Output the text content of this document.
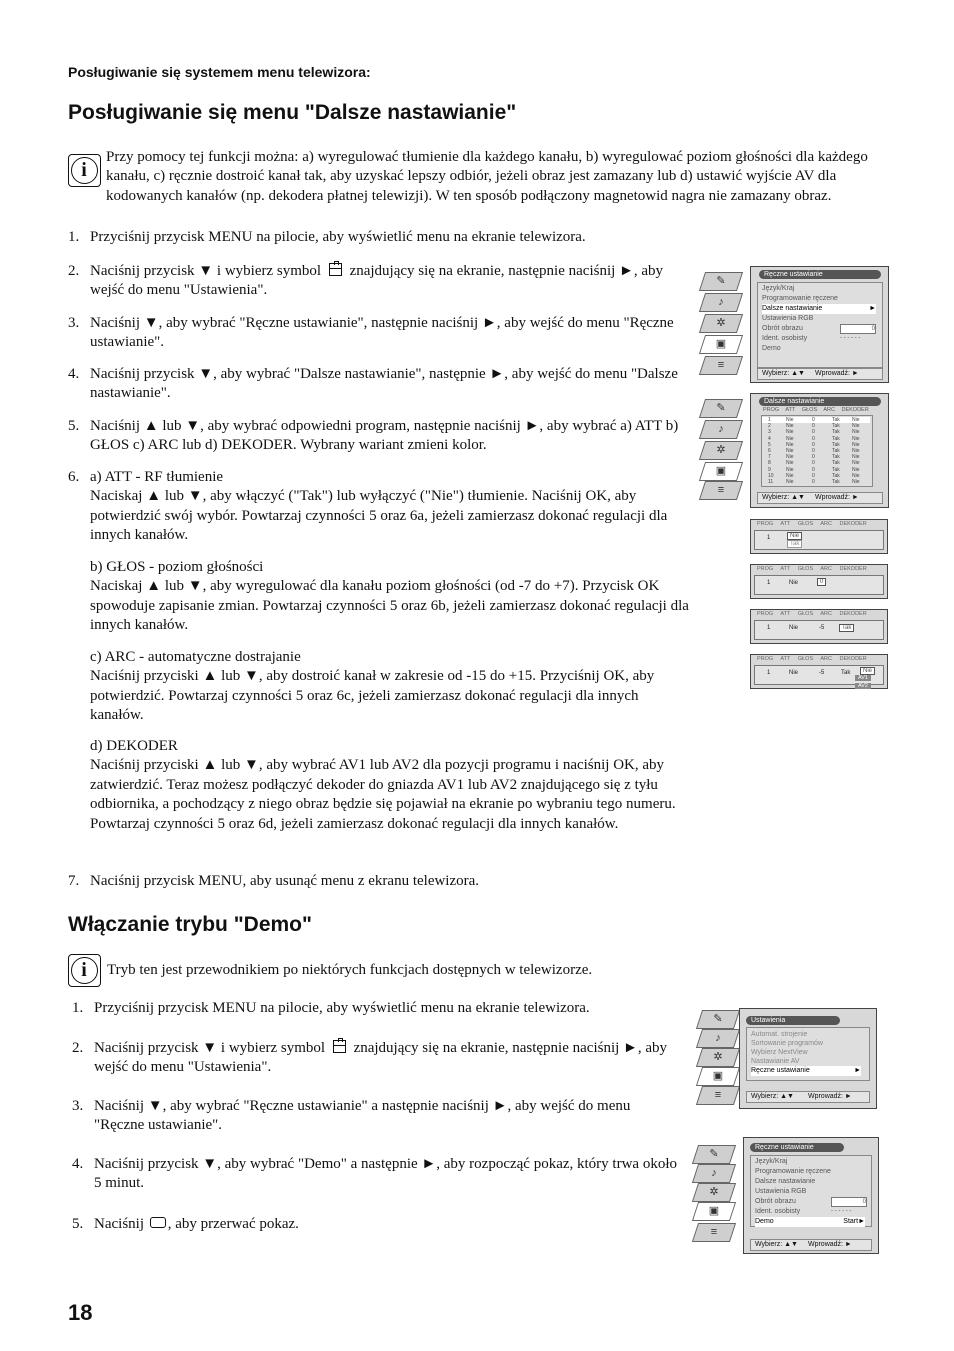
Posługiwanie się systemem menu telewizora:
Posługiwanie się menu "Dalsze nastawianie"
i
Przy pomocy tej funkcji można: a) wyregulować tłumienie dla każdego kanału, b) wyregulować poziom głośności dla każdego kanału, c) ręcznie dostroić kanał tak, aby uzyskać lepszy odbiór, jeżeli obraz jest zamazany lub d) ustawić wyjście AV dla kodowanych kanałów (np. dekodera płatnej telewizji). W ten sposób podłączony magnetowid nagra nie zamazany obraz.
1. Przyciśnij przycisk MENU na pilocie, aby wyświetlić menu na ekranie telewizora.
2. Naciśnij przycisk ▼ i wybierz symbol znajdujący się na ekranie, następnie naciśnij ►, aby wejść do menu "Ustawienia".
3. Naciśnij ▼, aby wybrać "Ręczne ustawianie", następnie naciśnij ►, aby wejść do menu "Ręczne ustawianie".
4. Naciśnij przycisk ▼, aby wybrać "Dalsze nastawianie", następnie ►, aby wejść do menu "Dalsze nastawianie".
5. Naciśnij ▲ lub ▼, aby wybrać odpowiedni program, następnie naciśnij ►, aby wybrać a) ATT b) GŁOS c) ARC lub d) DEKODER. Wybrany wariant zmieni kolor.
6. a) ATT - RF tłumienie
Naciskaj ▲ lub ▼, aby włączyć ("Tak") lub wyłączyć ("Nie") tłumienie. Naciśnij OK, aby potwierdzić swój wybór. Powtarzaj czynności 5 oraz 6a, jeżeli zamierzasz dokonać regulacji dla innych kanałów.
b) GŁOS - poziom głośności
Naciskaj ▲ lub ▼, aby wyregulować dla kanału poziom głośności (od -7 do +7). Przycisk OK spowoduje zapisanie zmian. Powtarzaj czynności 5 oraz 6b, jeżeli zamierzasz dokonać regulacji dla innych kanałów.
c) ARC - automatyczne dostrajanie
Naciśnij przyciski ▲ lub ▼, aby dostroić kanał w zakresie od -15 do +15. Przyciśnij OK, aby potwierdzić. Powtarzaj czynności 5 oraz 6c, jeżeli zamierzasz dokonać regulacji dla innych kanałów.
d) DEKODER
Naciśnij przyciski ▲ lub ▼, aby wybrać AV1 lub AV2 dla pozycji programu i naciśnij OK, aby zatwierdzić. Teraz możesz podłączyć dekoder do gniazda AV1 lub AV2 znajdującego się z tyłu odbiornika, a pochodzący z niego obraz będzie się pojawiał na ekranie po wybraniu tego numeru. Powtarzaj czynności 5 oraz 6d, jeżeli zamierzasz dokonać regulacji dla innych kanałów.
7. Naciśnij przycisk MENU, aby usunąć menu z ekranu telewizora.
Włączanie trybu "Demo"
i	Tryb ten jest przewodnikiem po niektórych funkcjach dostępnych w telewizorze.
1. Przyciśnij przycisk MENU na pilocie, aby wyświetlić menu na ekranie telewizora.
2. Naciśnij przycisk ▼ i wybierz symbol znajdujący się na ekranie, następnie naciśnij ►, aby wejść do menu "Ustawienia".
3. Naciśnij ▼, aby wybrać "Ręczne ustawianie" a następnie naciśnij ►, aby wejść do menu "Ręczne ustawianie".
4. Naciśnij przycisk ▼, aby wybrać "Demo" a następnie ►, aby rozpocząć pokaz, który trwa około 5 minut.
5. Naciśnij , aby przerwać pokaz.
18
✎
♪
✲
▣
≡
Ręczne ustawianie
Język/Kraj
Programowanie ręczene
Dalsze nastawianie	►
Ustawienia RGB
Obrót obrazu
Ident. osobisty
Demo
0
- - - - - -
Wybierz: ▲▼ Wprowadź: ►
✎
♪
✲
▣
≡
Dalsze nastawianie
PROG ATT GŁOS ARC DEKODER
1	Nie	0	Tak Nie
2	Nie	0	Tak Nie
3	Nie	0	Tak Nie
4	Nie	0	Tak Nie
5	Nie	0	Tak Nie
6	Nie	0	Tak Nie
7	Nie	0	Tak Nie
8	Nie	0	Tak Nie
9	Nie	0	Tak Nie
10 Nie	0	Tak Nie
11	Nie	0	Tak Nie
Wybierz: ▲▼ Wprowadź: ►
PROG ATT GŁOS ARC DEKODER
1	Nie
Tak
PROG ATT GŁOS ARC DEKODER
1	Nie	0
PROG ATT GŁOS ARC DEKODER
1	Nie	-5	Tak
PROG ATT GŁOS ARC DEKODER
1	Nie	-5	Tak	Nie
AV1
AV2
✎
♪
✲
▣
≡
Ustawienia
Automat. strojenie
Sortowanie programów
Wybierz NextView
Nastawianie AV
Ręczne ustawianie	►
Wybierz: ▲▼ Wprowadź: ►
✎
♪
✲
▣
≡
Ręczne ustawianie
Język/Kraj
Programowanie ręczene
Dalsze nastawianie
Ustawienia RGB
Obrót obrazu
Ident. osobisty
Demo	Start►
0
- - - - - -
Wybierz: ▲▼ Wprowadź: ►
